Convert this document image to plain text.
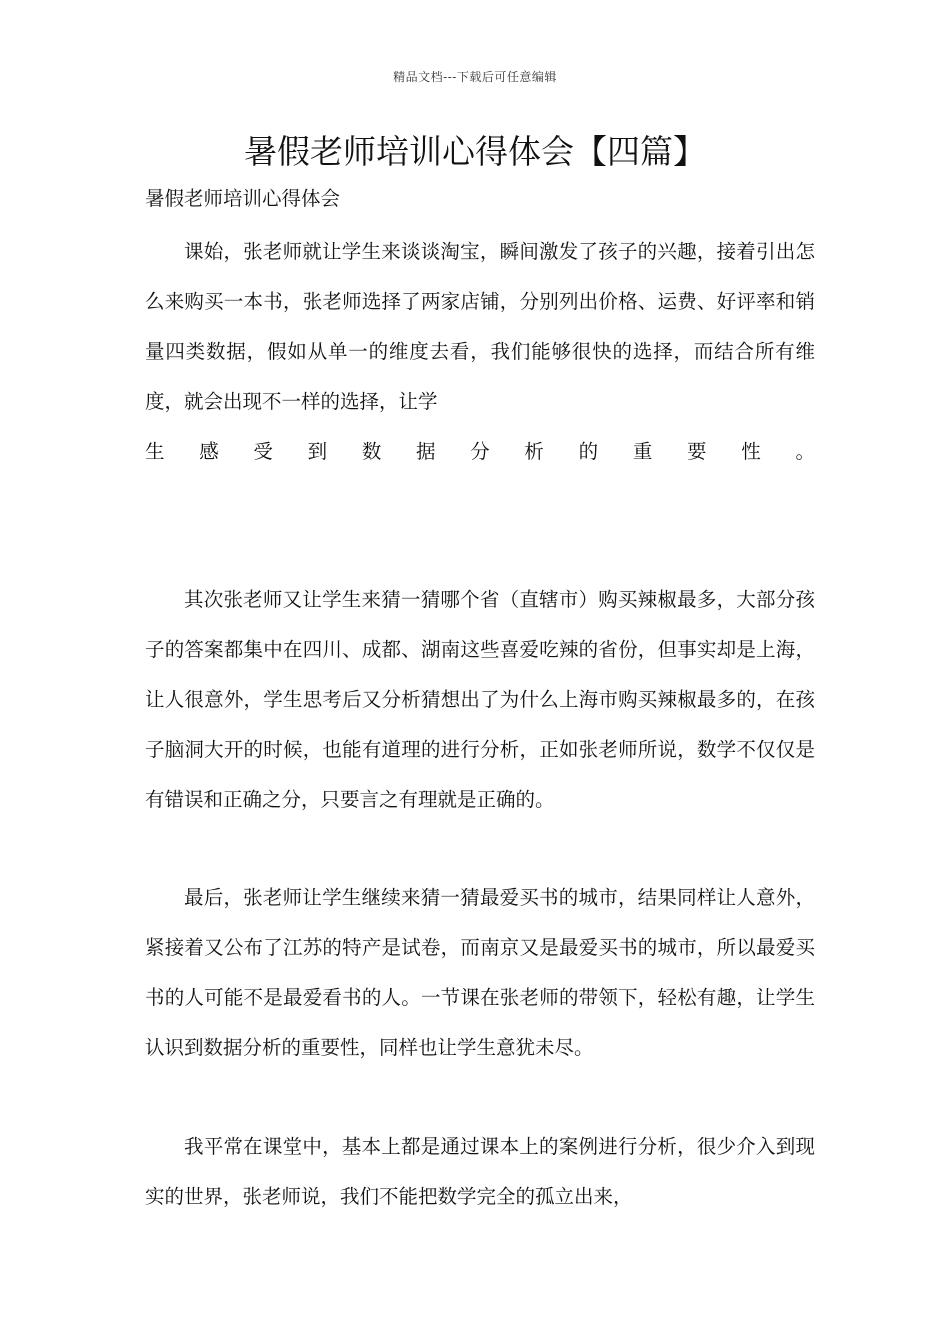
精品文档---下载后可任意编辑
暑假老师培训心得体会【四篇】
暑假老师培训心得体会

课始，张老师就让学生来谈谈淘宝，瞬间激发了孩子的兴趣，接着引出怎么来购买一本书，张老师选择了两家店铺，分别列出价格、运费、好评率和销量四类数据，假如从单一的维度去看，我们能够很快的选择，而结合所有维度，就会出现不一样的选择，让学

生 感 受 到 数 据 分 析 的 重 要 性 。

其次张老师又让学生来猜一猜哪个省（直辖市）购买辣椒最多，大部分孩子的答案都集中在四川、成都、湖南这些喜爱吃辣的省份，但事实却是上海，让人很意外，学生思考后又分析猜想出了为什么上海市购买辣椒最多的，在孩子脑洞大开的时候，也能有道理的进行分析，正如张老师所说，数学不仅仅是有错误和正确之分，只要言之有理就是正确的。

最后，张老师让学生继续来猜一猜最爱买书的城市，结果同样让人意外，紧接着又公布了江苏的特产是试卷，而南京又是最爱买书的城市，所以最爱买书的人可能不是最爱看书的人。一节课在张老师的带领下，轻松有趣，让学生认识到数据分析的重要性，同样也让学生意犹未尽。

我平常在课堂中，基本上都是通过课本上的案例进行分析，很少介入到现实的世界，张老师说，我们不能把数学完全的孤立出来，
